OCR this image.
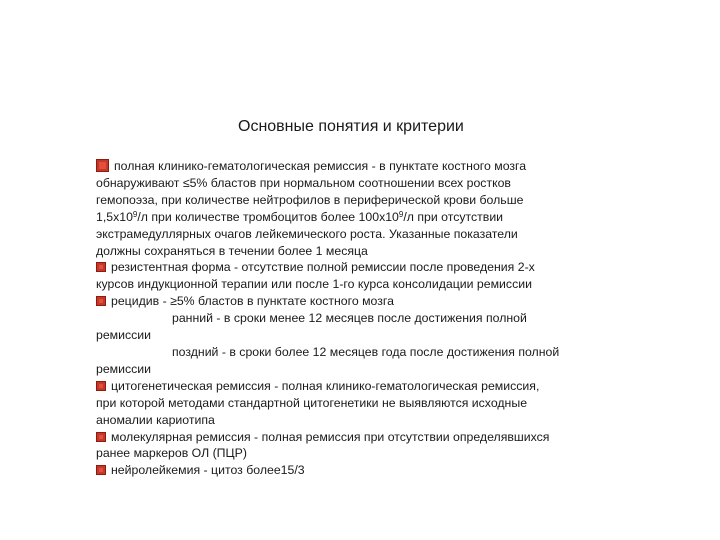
Основные понятия и критерии
полная клинико-гематологическая ремиссия - в пунктате костного мозга
обнаруживают ≤5% бластов при нормальном соотношении всех ростков
гемопоэза, при количестве нейтрофилов в периферической крови больше
$1,5х10^9/л$ при количестве тромбоцитов более $100х10^9/л$ при отсутствии
экстрамедуллярных очагов лейкемического роста. Указанные показатели
должны сохраняться в течении более 1 месяца
резистентная форма - отсутствие полной ремиссии после проведения 2-х
курсов индукционной терапии или после 1-го курса консолидации ремиссии
рецидив - ≥5% бластов в пунктате костного мозга
ранний - в сроки менее 12 месяцев после достижения полной
ремиссии
поздний - в сроки более 12 месяцев года после достижения полной
ремиссии
цитогенетическая ремиссия - полная клинико-гематологическая ремиссия,
при которой методами стандартной цитогенетики не выявляются исходные
аномалии кариотипа
молекулярная ремиссия - полная ремиссия при отсутствии определявшихся
ранее маркеров ОЛ (ПЦР)
нейролейкемия - цитоз более15/3
